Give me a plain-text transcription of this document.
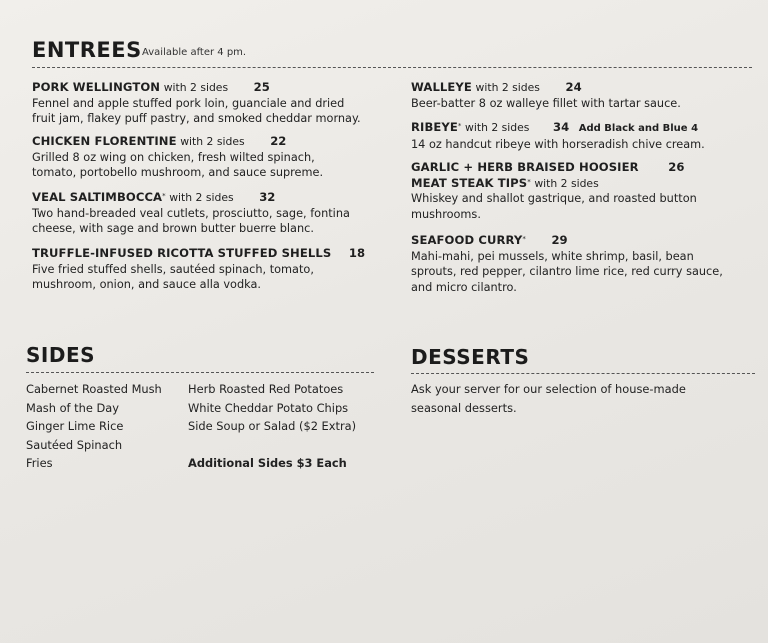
ENTREES Available after 4 pm.
PORK WELLINGTON with 2 sides 25
Fennel and apple stuffed pork loin, guanciale and dried
fruit jam, flakey puff pastry, and smoked cheddar mornay.
CHICKEN FLORENTINE with 2 sides 22
Grilled 8 oz wing on chicken, fresh wilted spinach,
tomato, portobello mushroom, and sauce supreme.
VEAL SALTIMBOCCA* with 2 sides 32
Two hand-breaded veal cutlets, prosciutto, sage, fontina
cheese, with sage and brown butter buerre blanc.
TRUFFLE-INFUSED RICOTTA STUFFED SHELLS 18
Five fried stuffed shells, sautéed spinach, tomato,
mushroom, onion, and sauce alla vodka.
WALLEYE with 2 sides 24
Beer-batter 8 oz walleye fillet with tartar sauce.
RIBEYE* with 2 sides 34 Add Black and Blue 4
14 oz handcut ribeye with horseradish chive cream.
GARLIC + HERB BRAISED HOOSIER	26
MEAT STEAK TIPS* with 2 sides
Whiskey and shallot gastrique, and roasted button
mushrooms.
SEAFOOD CURRY* 29
Mahi-mahi, pei mussels, white shrimp, basil, bean
sprouts, red pepper, cilantro lime rice, red curry sauce,
and micro cilantro.
SIDES
Cabernet Roasted Mush
Mash of the Day
Ginger Lime Rice
Sautéed Spinach
Fries
Herb Roasted Red Potatoes
White Cheddar Potato Chips
Side Soup or Salad ($2 Extra)
Additional Sides $3 Each
DESSERTS
Ask your server for our selection of house-made
seasonal desserts.
